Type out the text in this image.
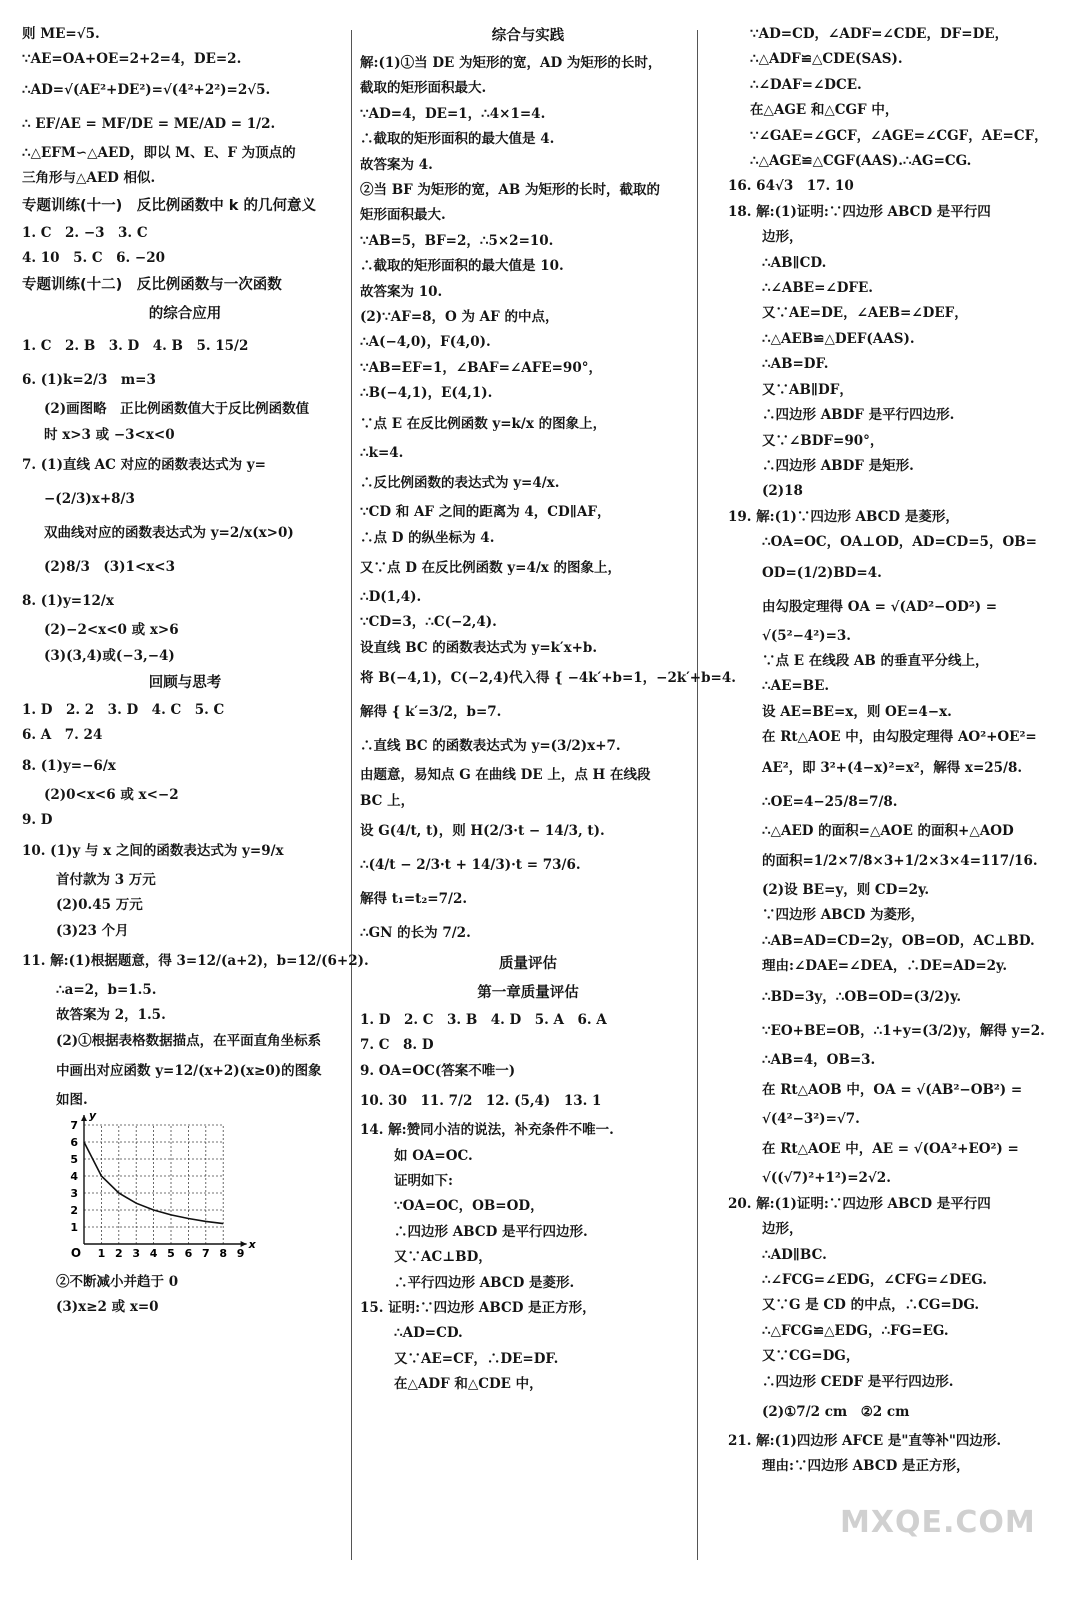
则 ME=√5.
∵AE=OA+OE=2+2=4，DE=2.
∴AD=√(AE²+DE²)=√(4²+2²)=2√5.
∴ EF/AE = MF/DE = ME/AD = 1/2.
∴△EFM∽△AED，即以 M、E、F 为顶点的
三角形与△AED 相似.
专题训练(十一)　反比例函数中 k 的几何意义
1. C　2. −3　3. C
4. 10　5. C　6. −20
专题训练(十二)　反比例函数与一次函数
的综合应用
1. C　2. B　3. D　4. B　5. 15/2
6. (1)k=2/3　m=3
(2)画图略　正比例函数值大于反比例函数值
时 x>3 或 −3<x<0
7. (1)直线 AC 对应的函数表达式为 y=
−(2/3)x+8/3
双曲线对应的函数表达式为 y=2/x(x>0)
(2)8/3　(3)1<x<3
8. (1)y=12/x
(2)−2<x<0 或 x>6
(3)(3,4)或(−3,−4)
回顾与思考
1. D　2. 2　3. D　4. C　5. C
6. A　7. 24
8. (1)y=−6/x
(2)0<x<6 或 x<−2
9. D
10. (1)y 与 x 之间的函数表达式为 y=9/x
首付款为 3 万元
(2)0.45 万元
(3)23 个月
11. 解:(1)根据题意，得 3=12/(a+2)，b=12/(6+2).
∴a=2，b=1.5.
故答案为 2，1.5.
(2)①根据表格数据描点，在平面直角坐标系
中画出对应函数 y=12/(x+2)(x≥0)的图象
如图.
1 2 3 4 5 6 7 8 9
1
2
3
4
5
6
7
O
x
y
②不断减小并趋于 0
(3)x≥2 或 x=0
综合与实践
解:(1)①当 DE 为矩形的宽，AD 为矩形的长时，
截取的矩形面积最大.
∵AD=4，DE=1，∴4×1=4.
∴截取的矩形面积的最大值是 4.
故答案为 4.
②当 BF 为矩形的宽，AB 为矩形的长时，截取的
矩形面积最大.
∵AB=5，BF=2，∴5×2=10.
∴截取的矩形面积的最大值是 10.
故答案为 10.
(2)∵AF=8，O 为 AF 的中点，
∴A(−4,0)，F(4,0).
∵AB=EF=1，∠BAF=∠AFE=90°，
∴B(−4,1)，E(4,1).
∵点 E 在反比例函数 y=k/x 的图象上，
∴k=4.
∴反比例函数的表达式为 y=4/x.
∵CD 和 AF 之间的距离为 4，CD∥AF，
∴点 D 的纵坐标为 4.
又∵点 D 在反比例函数 y=4/x 的图象上，
∴D(1,4).
∵CD=3，∴C(−2,4).
设直线 BC 的函数表达式为 y=k′x+b.
将 B(−4,1)，C(−2,4)代入得 { −4k′+b=1，−2k′+b=4.
解得 { k′=3/2，b=7.
∴直线 BC 的函数表达式为 y=(3/2)x+7.
由题意，易知点 G 在曲线 DE 上，点 H 在线段
BC 上，
设 G(4/t, t)，则 H(2/3·t − 14/3, t).
∴(4/t − 2/3·t + 14/3)·t = 73/6.
解得 t₁=t₂=7/2.
∴GN 的长为 7/2.
质量评估
第一章质量评估
1. D　2. C　3. B　4. D　5. A　6. A
7. C　8. D
9. OA=OC(答案不唯一)
10. 30　11. 7/2　12. (5,4)　13. 1
14. 解:赞同小洁的说法，补充条件不唯一.
如 OA=OC.
证明如下:
∵OA=OC，OB=OD，
∴四边形 ABCD 是平行四边形.
又∵AC⊥BD，
∴平行四边形 ABCD 是菱形.
15. 证明:∵四边形 ABCD 是正方形，
∴AD=CD.
又∵AE=CF，∴DE=DF.
在△ADF 和△CDE 中，
∵AD=CD，∠ADF=∠CDE，DF=DE，
∴△ADF≌△CDE(SAS).
∴∠DAF=∠DCE.
在△AGE 和△CGF 中，
∵∠GAE=∠GCF，∠AGE=∠CGF，AE=CF，
∴△AGE≌△CGF(AAS).∴AG=CG.
16. 64√3　17. 10
18. 解:(1)证明:∵四边形 ABCD 是平行四
边形，
∴AB∥CD.
∴∠ABE=∠DFE.
又∵AE=DE，∠AEB=∠DEF，
∴△AEB≌△DEF(AAS).
∴AB=DF.
又∵AB∥DF，
∴四边形 ABDF 是平行四边形.
又∵∠BDF=90°，
∴四边形 ABDF 是矩形.
(2)18
19. 解:(1)∵四边形 ABCD 是菱形，
∴OA=OC，OA⊥OD，AD=CD=5，OB=
OD=(1/2)BD=4.
由勾股定理得 OA = √(AD²−OD²) =
√(5²−4²)=3.
∵点 E 在线段 AB 的垂直平分线上，
∴AE=BE.
设 AE=BE=x，则 OE=4−x.
在 Rt△AOE 中，由勾股定理得 AO²+OE²=
AE²，即 3²+(4−x)²=x²，解得 x=25/8.
∴OE=4−25/8=7/8.
∴△AED 的面积=△AOE 的面积+△AOD
的面积=1/2×7/8×3+1/2×3×4=117/16.
(2)设 BE=y，则 CD=2y.
∵四边形 ABCD 为菱形，
∴AB=AD=CD=2y，OB=OD，AC⊥BD.
理由:∠DAE=∠DEA，∴DE=AD=2y.
∴BD=3y，∴OB=OD=(3/2)y.
∵EO+BE=OB，∴1+y=(3/2)y，解得 y=2.
∴AB=4，OB=3.
在 Rt△AOB 中，OA = √(AB²−OB²) =
√(4²−3²)=√7.
在 Rt△AOE 中，AE = √(OA²+EO²) =
√((√7)²+1²)=2√2.
20. 解:(1)证明:∵四边形 ABCD 是平行四
边形，
∴AD∥BC.
∴∠FCG=∠EDG，∠CFG=∠DEG.
又∵G 是 CD 的中点，∴CG=DG.
∴△FCG≌△EDG，∴FG=EG.
又∵CG=DG，
∴四边形 CEDF 是平行四边形.
(2)①7/2 cm　②2 cm
21. 解:(1)四边形 AFCE 是"直等补"四边形.
理由:∵四边形 ABCD 是正方形，
MXQE.COM
